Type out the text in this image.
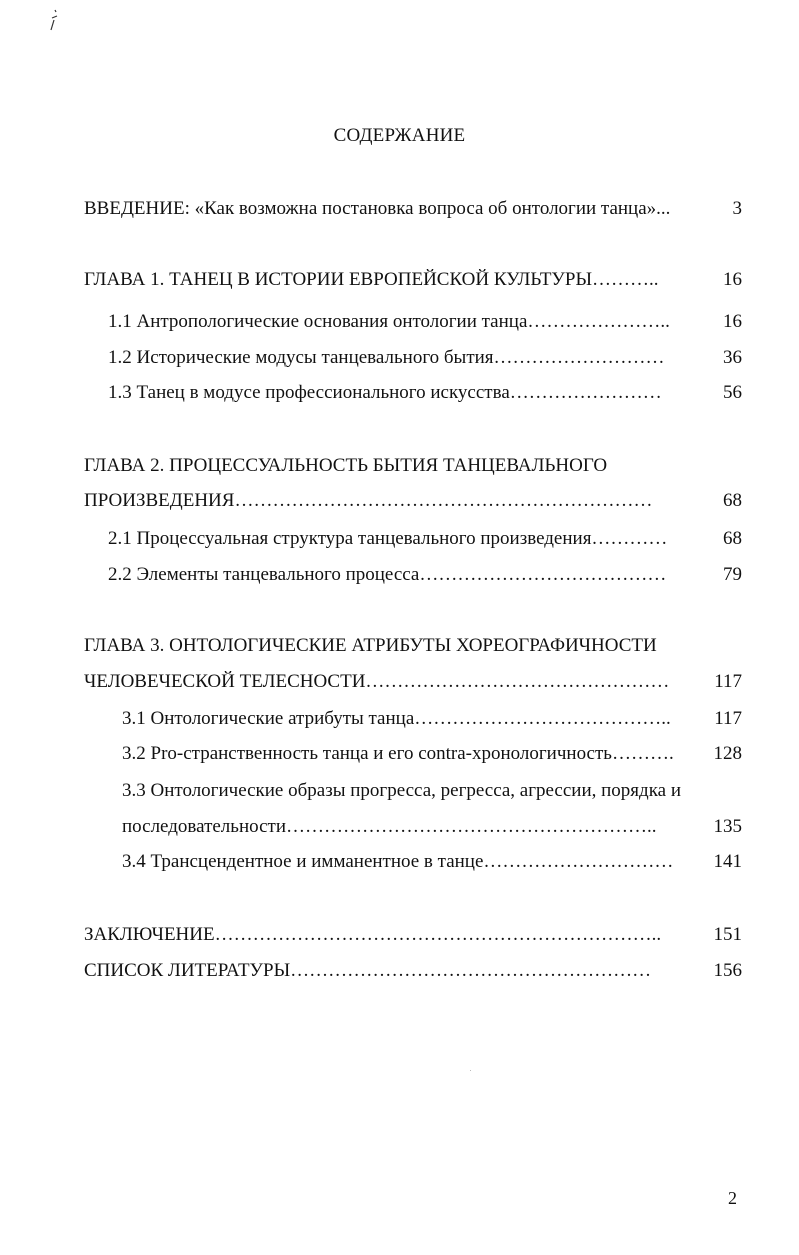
СОДЕРЖАНИЕ
ВВЕДЕНИЕ: «Как возможна постановка вопроса об онтологии танца»...	3
ГЛАВА 1. ТАНЕЦ В ИСТОРИИ ЕВРОПЕЙСКОЙ КУЛЬТУРЫ………..	16
1.1 Антропологические основания онтологии танца…………………..	16
1.2 Исторические модусы танцевального бытия………………………	36
1.3 Танец в модусе профессионального искусства……………………	56
ГЛАВА 2. ПРОЦЕССУАЛЬНОСТЬ БЫТИЯ ТАНЦЕВАЛЬНОГО
ПРОИЗВЕДЕНИЯ…………………………………………………………	68
2.1 Процессуальная структура танцевального произведения…………	68
2.2 Элементы танцевального процесса…………………………………	79
ГЛАВА 3. ОНТОЛОГИЧЕСКИЕ АТРИБУТЫ ХОРЕОГРАФИЧНОСТИ
ЧЕЛОВЕЧЕСКОЙ ТЕЛЕСНОСТИ…………………………………………	117
3.1 Онтологические атрибуты танца…………………………………..	117
3.2 Pro-странственность танца и его contra-хронологичность……….	128
3.3 Онтологические образы прогресса, регресса, агрессии, порядка и
последовательности…………………………………………………..	135
3.4 Трансцендентное и имманентное в танце…………………………	141
ЗАКЛЮЧЕНИЕ……………………………………………………………..	151
СПИСОК ЛИТЕРАТУРЫ…………………………………………………	156
2
